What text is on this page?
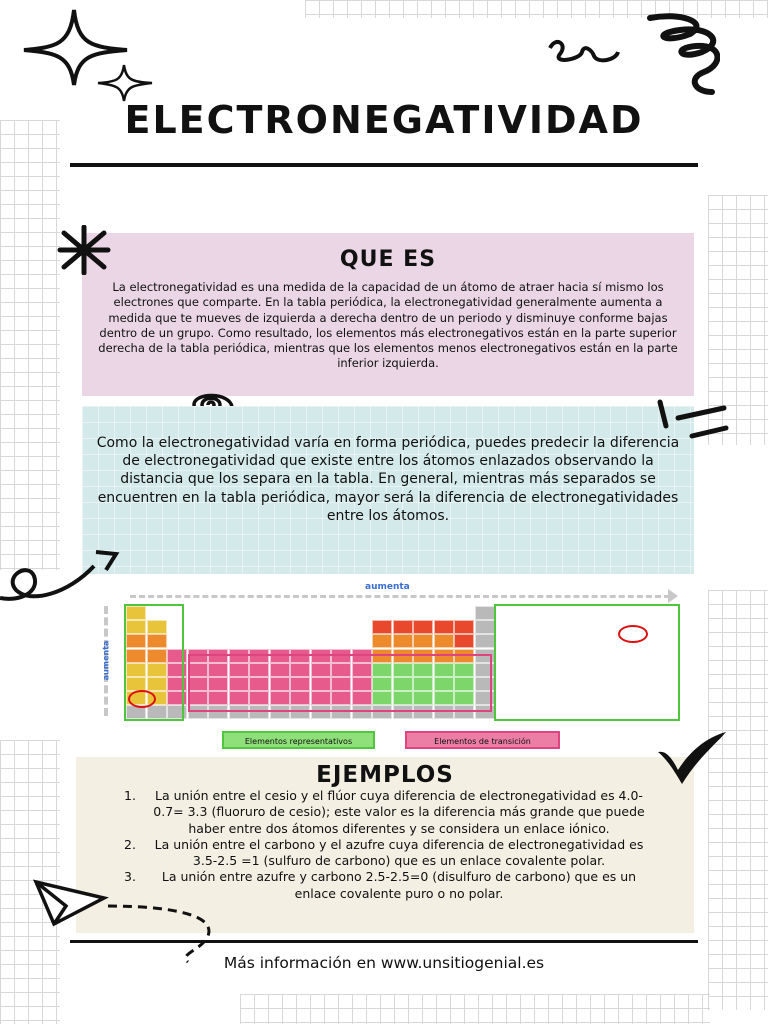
ELECTRONEGATIVIDAD
QUE ES

La electronegatividad es una medida de la capacidad de un átomo de atraer hacia sí mismo los electrones que comparte. En la tabla periódica, la electronegatividad generalmente aumenta a medida que te mueves de izquierda a derecha dentro de un periodo y disminuye conforme bajas dentro de un grupo. Como resultado, los elementos más electronegativos están en la parte superior derecha de la tabla periódica, mientras que los elementos menos electronegativos están en la parte inferior izquierda.

Como la electronegatividad varía en forma periódica, puedes predecir la diferencia de electronegatividad que existe entre los átomos enlazados observando la distancia que los separa en la tabla. En general, mientras más separados se encuentren en la tabla periódica, mayor será la diferencia de electronegatividades entre los átomos.

aumenta
aumenta
Elementos representativos	Elementos de transición
EJEMPLOS
1.	La unión entre el cesio y el flúor cuya diferencia de electronegatividad es 4.0-0.7= 3.3 (fluoruro de cesio); este valor es la diferencia más grande que puede haber entre dos átomos diferentes y se considera un enlace iónico.
2.	La unión entre el carbono y el azufre cuya diferencia de electronegatividad es 3.5-2.5 =1 (sulfuro de carbono) que es un enlace covalente polar.
3.	La unión entre azufre y carbono 2.5-2.5=0 (disulfuro de carbono) que es un enlace covalente puro o no polar.
Más información en www.unsitiogenial.es
